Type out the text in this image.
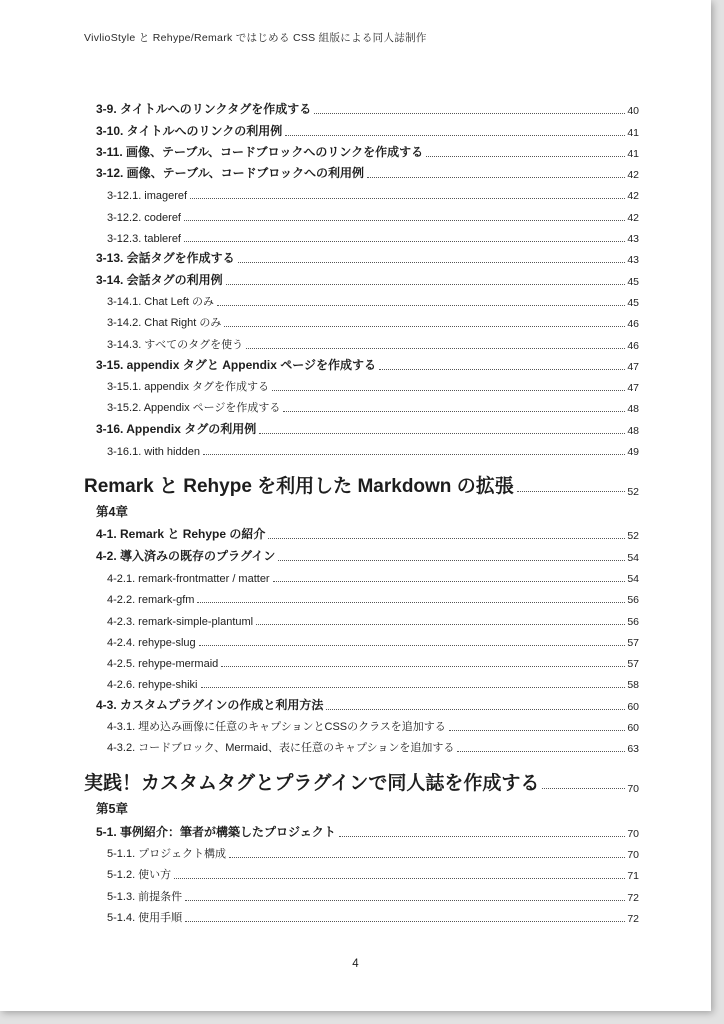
VivlioStyle と Rehype/Remark ではじめる CSS 組版による同人誌制作
3-9. タイトルへのリンクタグを作成する	40
3-10. タイトルへのリンクの利用例	41
3-11. 画像、テーブル、コードブロックへのリンクを作成する	41
3-12. 画像、テーブル、コードブロックへの利用例	42
3-12.1. imageref	42
3-12.2. coderef	42
3-12.3. tableref	43
3-13. 会話タグを作成する	43
3-14. 会話タグの利用例	45
3-14.1. Chat Left のみ	45
3-14.2. Chat Right のみ	46
3-14.3. すべてのタグを使う	46
3-15. appendix タグと Appendix ページを作成する	47
3-15.1. appendix タグを作成する	47
3-15.2. Appendix ページを作成する	48
3-16. Appendix タグの利用例	48
3-16.1. with hidden	49
Remark と Rehype を利用した Markdown の拡張	52
第4章
4-1. Remark と Rehype の紹介	52
4-2. 導入済みの既存のプラグイン	54
4-2.1. remark-frontmatter / matter	54
4-2.2. remark-gfm	56
4-2.3. remark-simple-plantuml	56
4-2.4. rehype-slug	57
4-2.5. rehype-mermaid	57
4-2.6. rehype-shiki	58
4-3. カスタムプラグインの作成と利用方法	60
4-3.1. 埋め込み画像に任意のキャプションとCSSのクラスを追加する	60
4-3.2. コードブロック、Mermaid、表に任意のキャプションを追加する	63
実践！カスタムタグとプラグインで同人誌を作成する	70
第5章
5-1. 事例紹介：筆者が構築したプロジェクト	70
5-1.1. プロジェクト構成	70
5-1.2. 使い方	71
5-1.3. 前提条件	72
5-1.4. 使用手順	72
4
